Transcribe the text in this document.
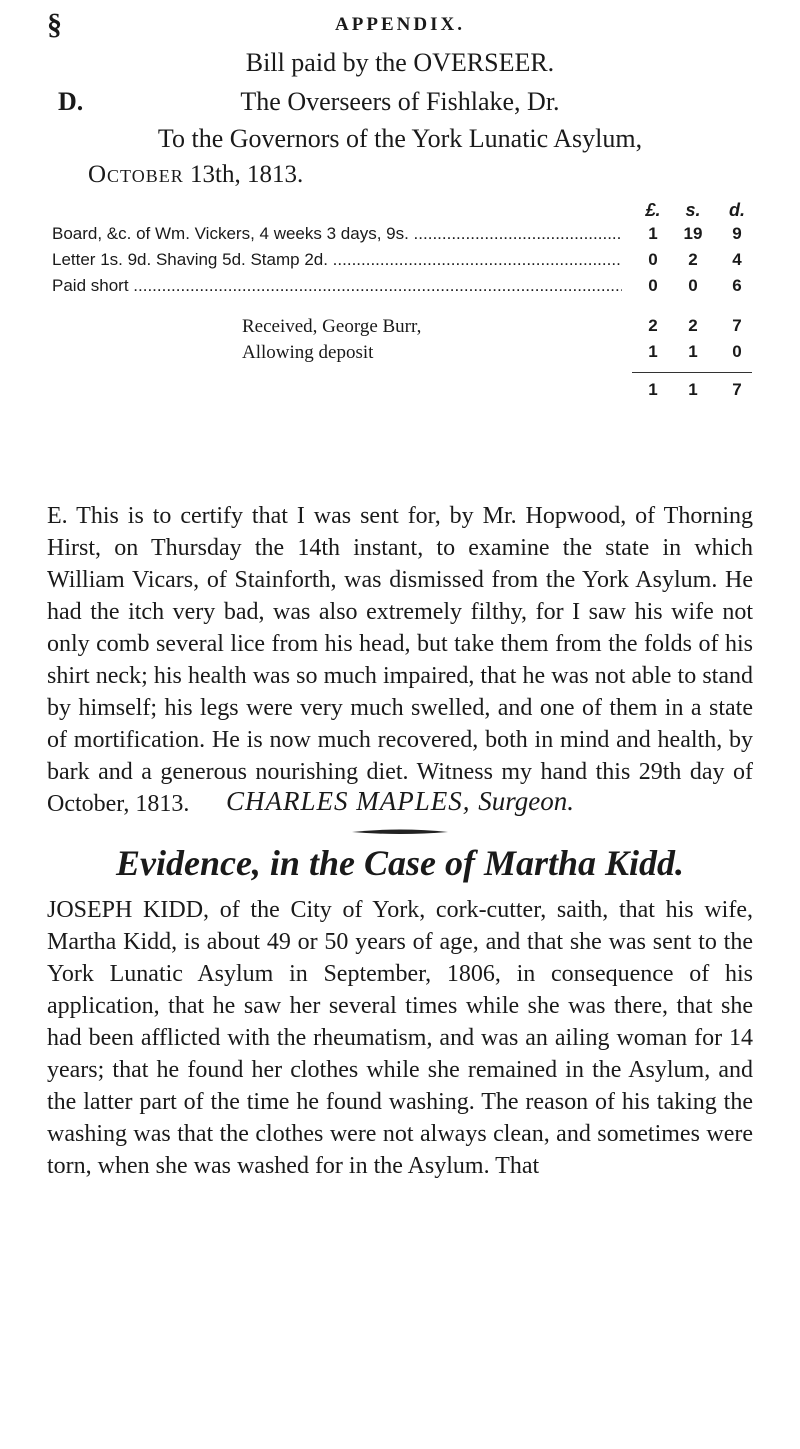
§	APPENDIX.
Bill paid by the OVERSEER.
D.	The Overseers of Fishlake, Dr.
To the Governors of the York Lunatic Asylum,
October 13th, 1813.
£.	s.	d.
Board, &c. of Wm. Vickers, 4 weeks 3 days, 9s. .....	1	19	9
Letter 1s. 9d. Shaving 5d. Stamp 2d. .....	0	2	4
Paid short .....	0	0	6
Received, George Burr,	2	2	7
Allowing deposit	1	1	0
1	1	7
E. This is to certify that I was sent for, by Mr. Hopwood, of Thorning Hirst, on Thursday the 14th instant, to examine the state in which William Vicars, of Stainforth, was dismissed from the York Asylum. He had the itch very bad, was also extremely filthy, for I saw his wife not only comb several lice from his head, but take them from the folds of his shirt neck; his health was so much impaired, that he was not able to stand by himself; his legs were very much swelled, and one of them in a state of mortification. He is now much recovered, both in mind and health, by bark and a generous nourishing diet. Witness my hand this 29th day of October, 1813.	CHARLES MAPLES, Surgeon.
Evidence, in the Case of Martha Kidd.
JOSEPH KIDD, of the City of York, cork-cutter, saith, that his wife, Martha Kidd, is about 49 or 50 years of age, and that she was sent to the York Lunatic Asylum in September, 1806, in consequence of his application, that he saw her several times while she was there, that she had been afflicted with the rheumatism, and was an ailing woman for 14 years; that he found her clothes while she remained in the Asylum, and the latter part of the time he found washing. The reason of his taking the washing was that the clothes were not always clean, and sometimes were torn, when she was washed for in the Asylum. That
